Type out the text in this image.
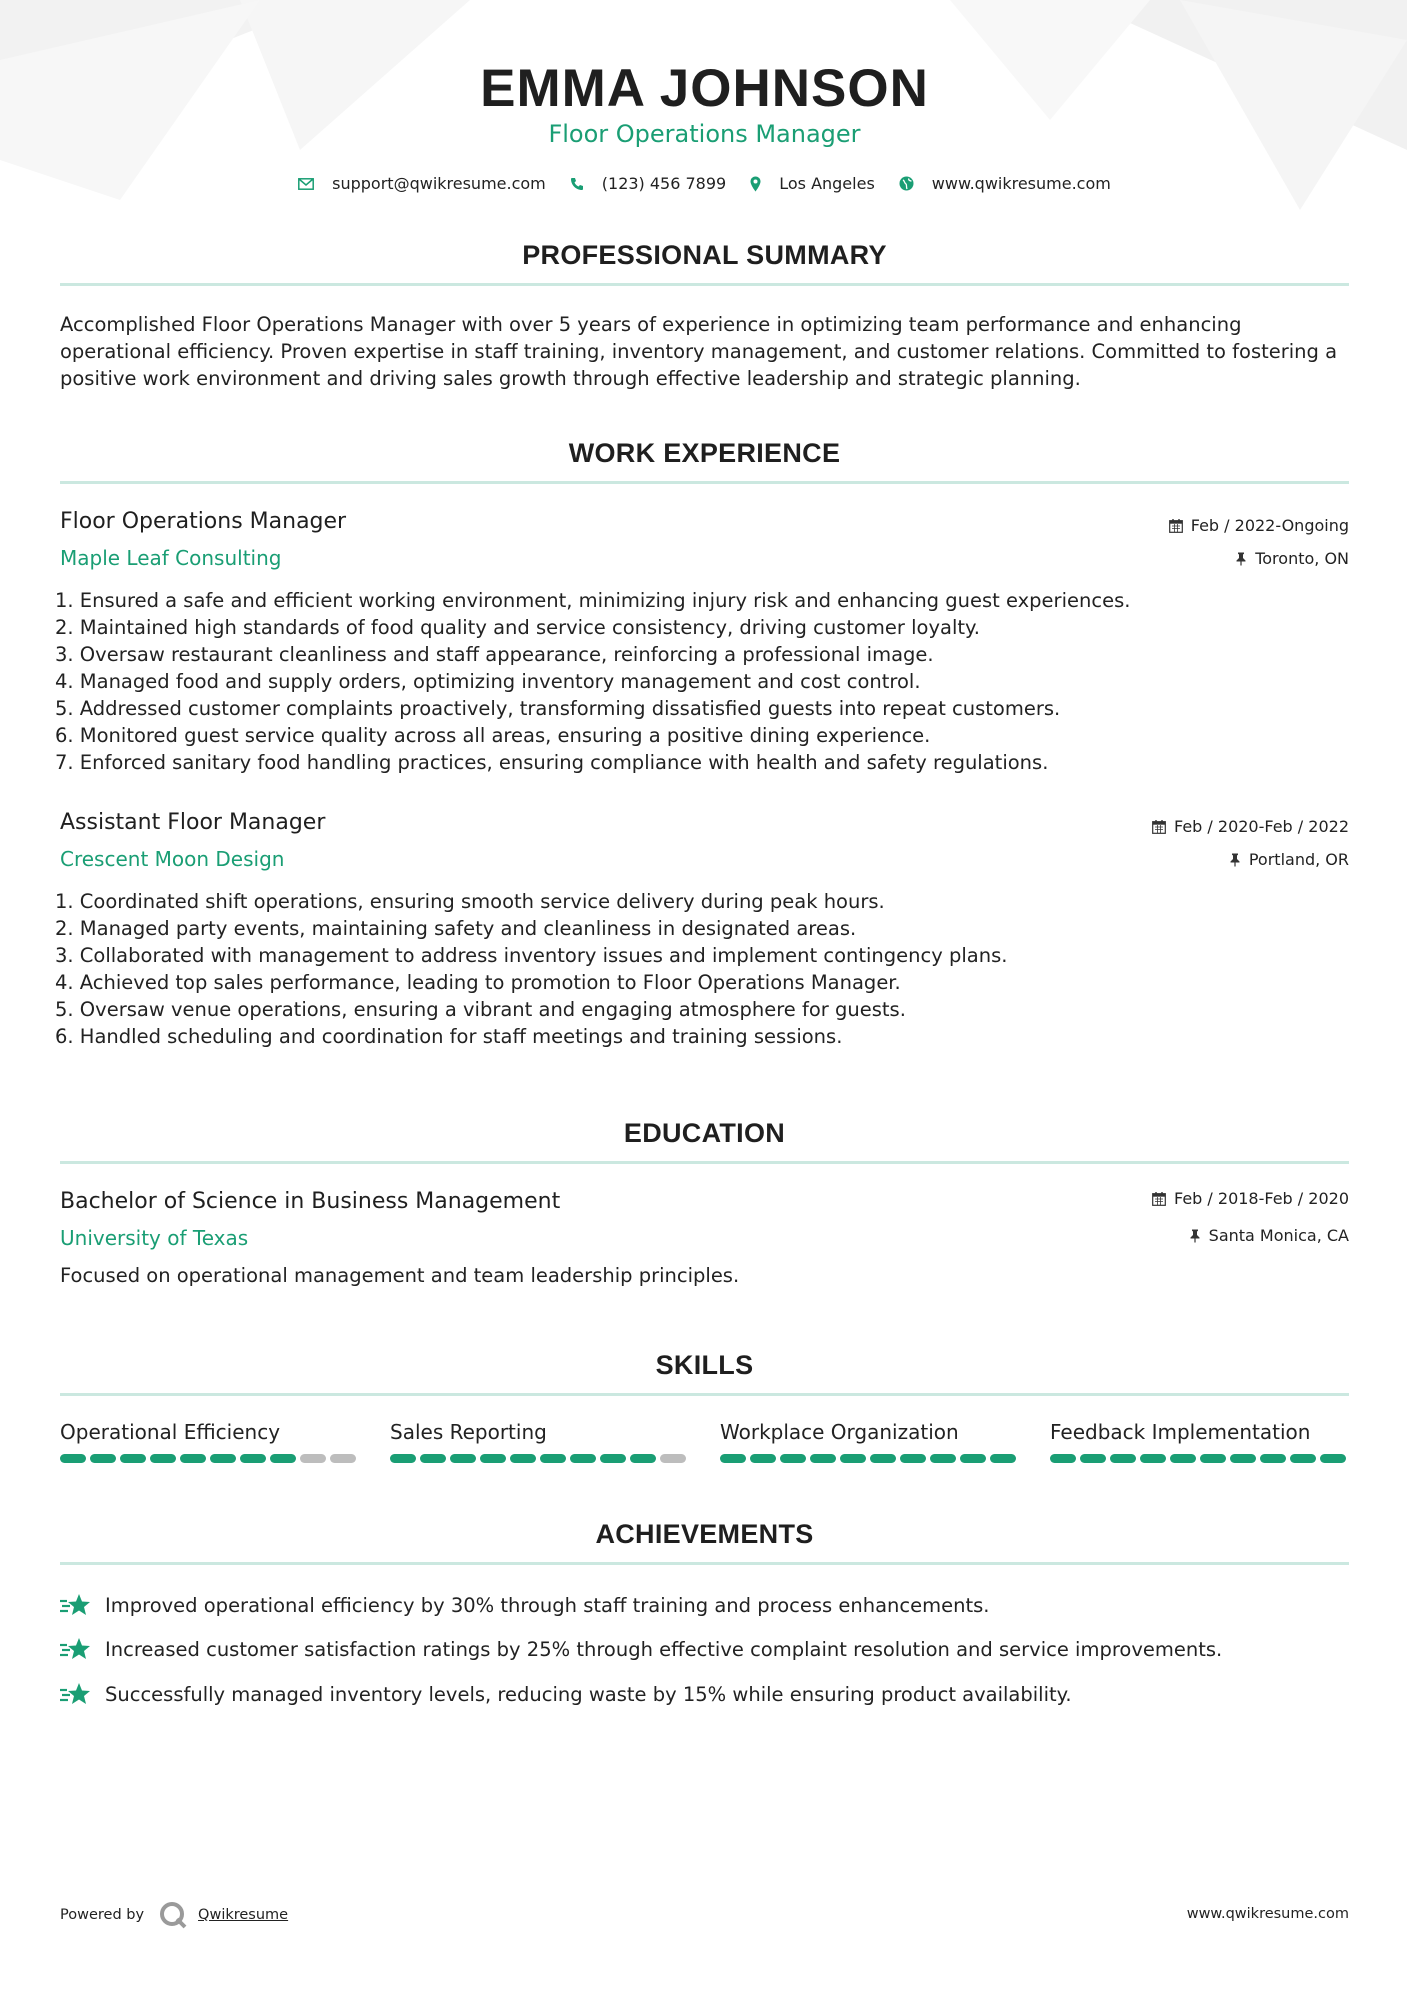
EMMA JOHNSON
Floor Operations Manager
support@qwikresume.com	(123) 456 7899	Los Angeles	www.qwikresume.com
PROFESSIONAL SUMMARY
Accomplished Floor Operations Manager with over 5 years of experience in optimizing team performance and enhancing operational efficiency. Proven expertise in staff training, inventory management, and customer relations. Committed to fostering a positive work environment and driving sales growth through effective leadership and strategic planning.
WORK EXPERIENCE
Floor Operations Manager	Feb / 2022-Ongoing
Maple Leaf Consulting	Toronto, ON
1. Ensured a safe and efficient working environment, minimizing injury risk and enhancing guest experiences.
2. Maintained high standards of food quality and service consistency, driving customer loyalty.
3. Oversaw restaurant cleanliness and staff appearance, reinforcing a professional image.
4. Managed food and supply orders, optimizing inventory management and cost control.
5. Addressed customer complaints proactively, transforming dissatisfied guests into repeat customers.
6. Monitored guest service quality across all areas, ensuring a positive dining experience.
7. Enforced sanitary food handling practices, ensuring compliance with health and safety regulations.
Assistant Floor Manager	Feb / 2020-Feb / 2022
Crescent Moon Design	Portland, OR
1. Coordinated shift operations, ensuring smooth service delivery during peak hours.
2. Managed party events, maintaining safety and cleanliness in designated areas.
3. Collaborated with management to address inventory issues and implement contingency plans.
4. Achieved top sales performance, leading to promotion to Floor Operations Manager.
5. Oversaw venue operations, ensuring a vibrant and engaging atmosphere for guests.
6. Handled scheduling and coordination for staff meetings and training sessions.
EDUCATION
Bachelor of Science in Business Management	Feb / 2018-Feb / 2020
University of Texas	Santa Monica, CA
Focused on operational management and team leadership principles.
SKILLS
Operational Efficiency	Sales Reporting	Workplace Organization	Feedback Implementation
ACHIEVEMENTS
Improved operational efficiency by 30% through staff training and process enhancements.
Increased customer satisfaction ratings by 25% through effective complaint resolution and service improvements.
Successfully managed inventory levels, reducing waste by 15% while ensuring product availability.
Powered by	Qwikresume	www.qwikresume.com
